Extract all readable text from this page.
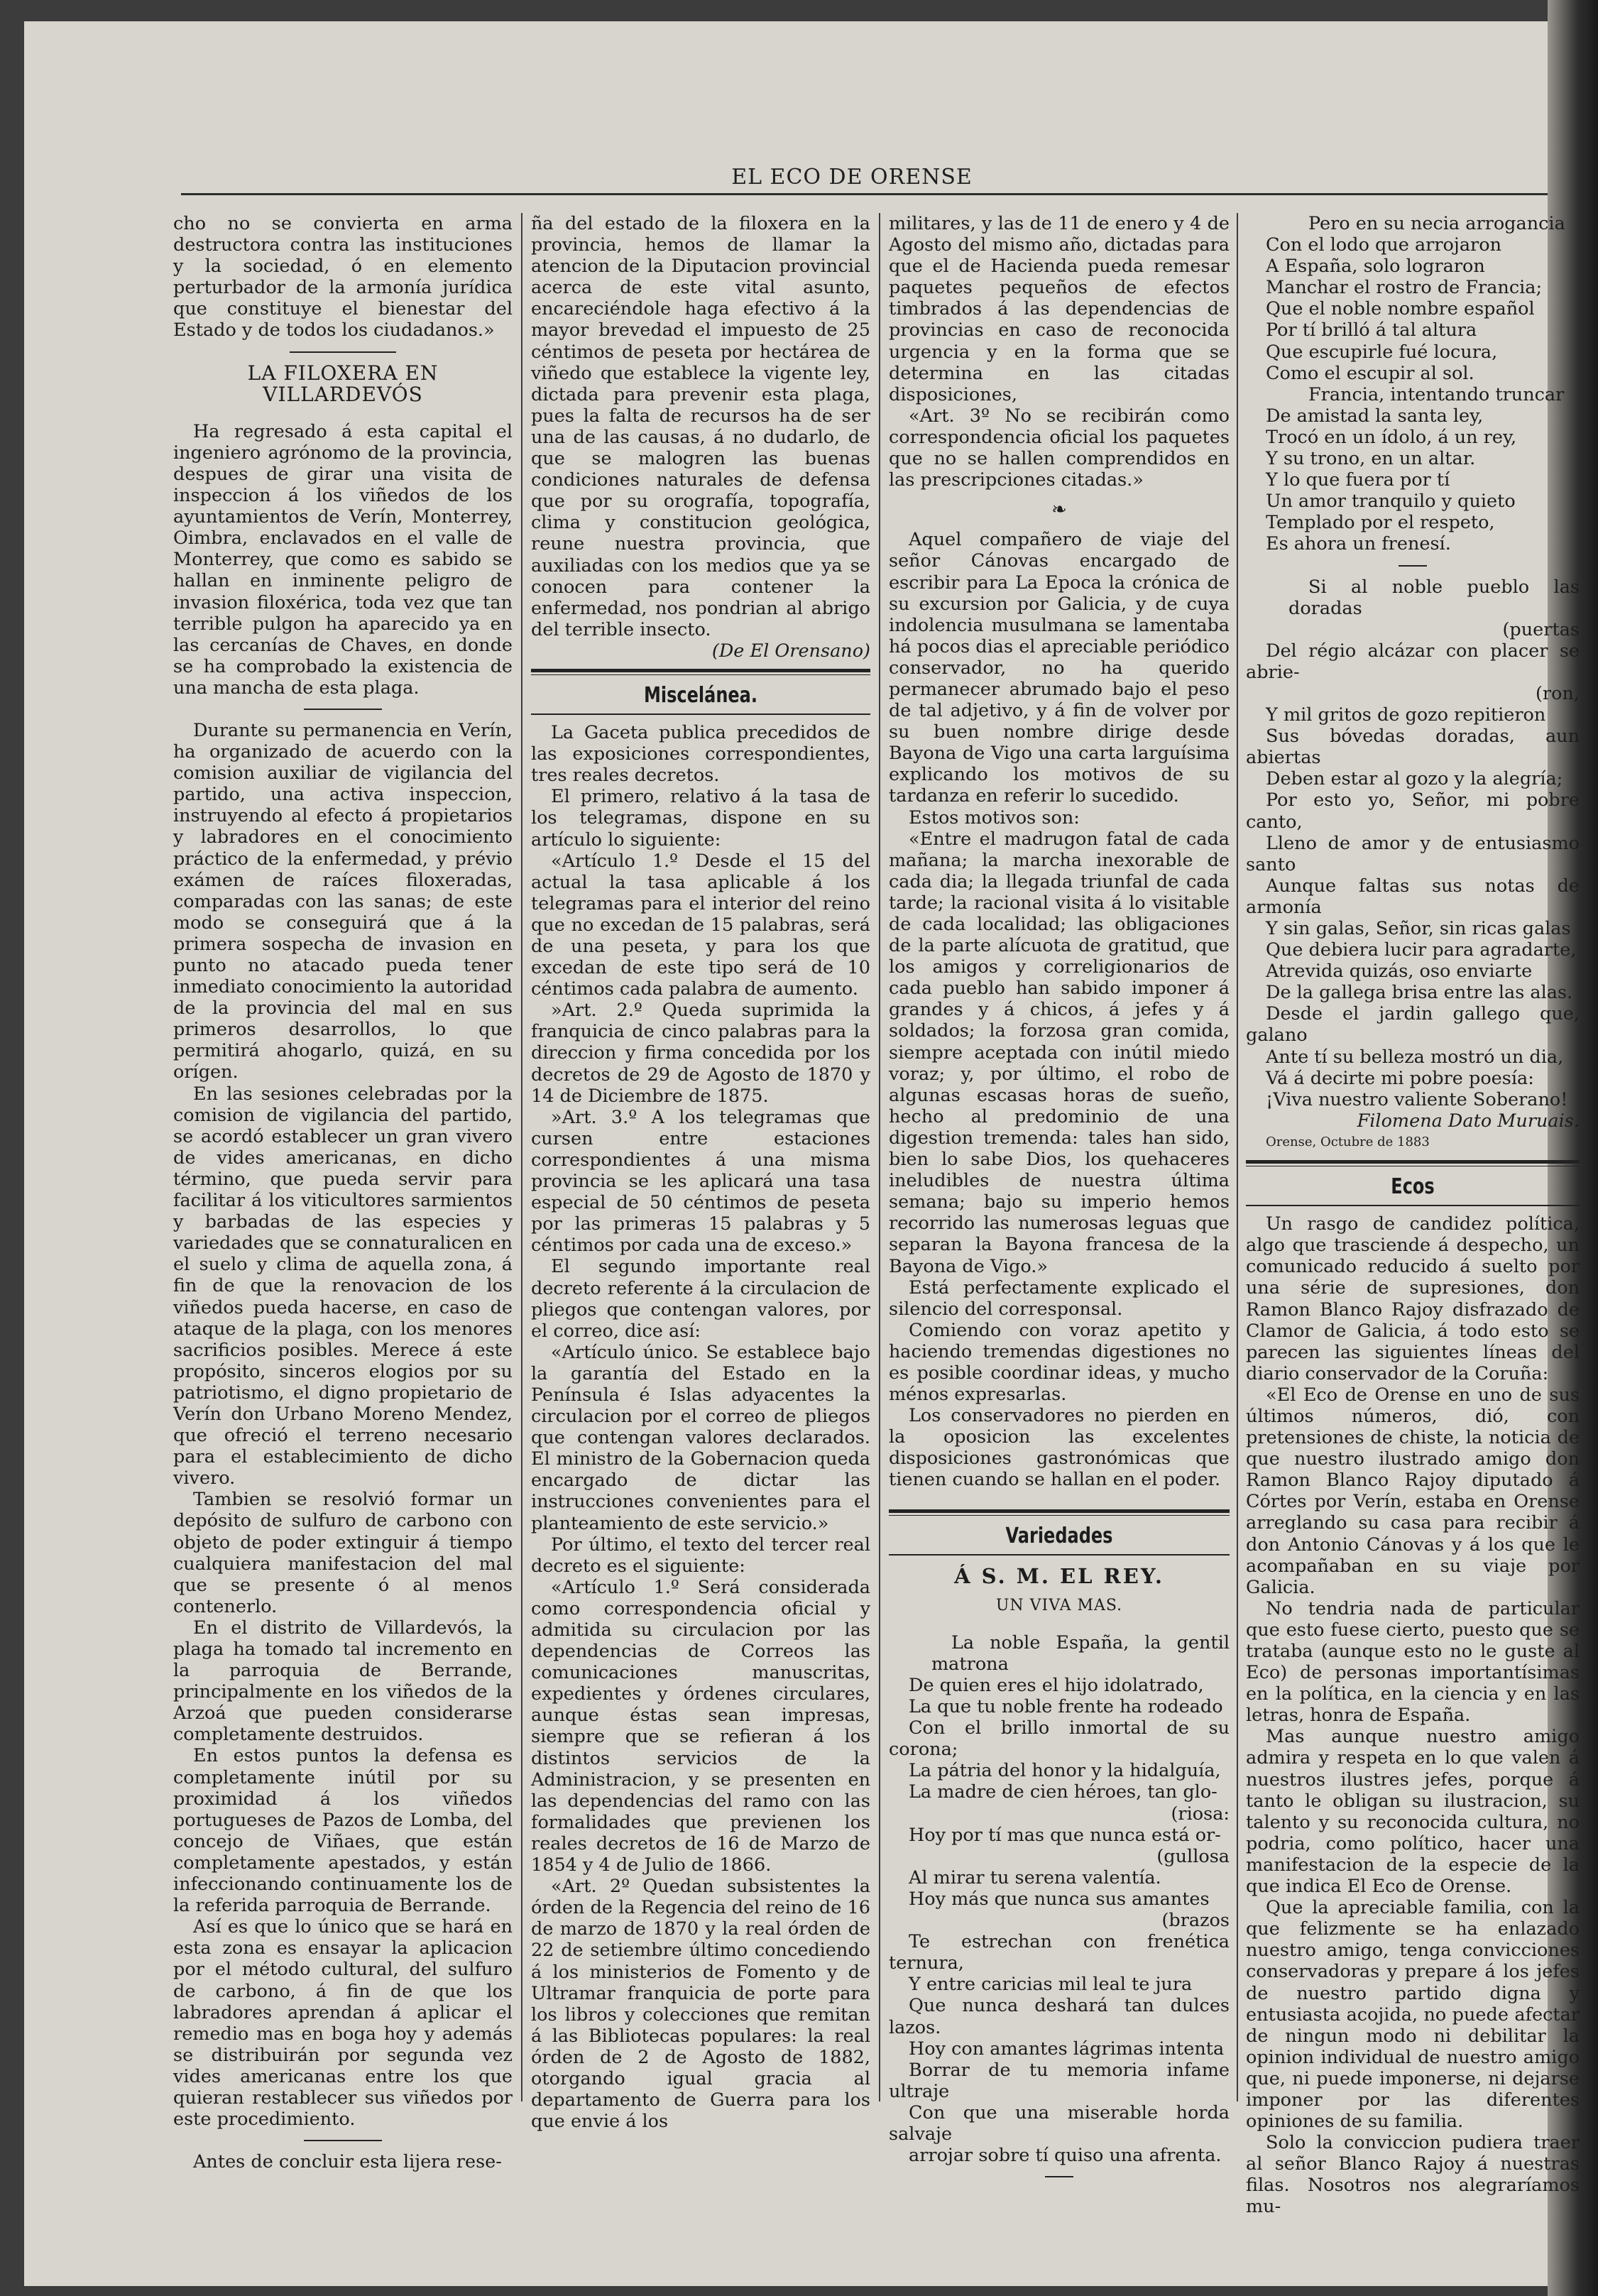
EL ECO DE ORENSE

cho no se convierta en arma destructora contra las instituciones y la sociedad, ó en elemento perturbador de la armonía jurídica que constituye el bienestar del Estado y de todos los ciudadanos.»

LA FILOXERA EN VILLARDEVÓS

Ha regresado á esta capital el ingeniero agrónomo de la provincia, despues de girar una visita de inspeccion á los viñedos de los ayuntamientos de Verín, Monterrey, Oimbra, enclavados en el valle de Monterrey, que como es sabido se hallan en inminente peligro de invasion filoxérica, toda vez que tan terrible pulgon ha aparecido ya en las cercanías de Chaves, en donde se ha comprobado la existencia de una mancha de esta plaga.

Durante su permanencia en Verín, ha organizado de acuerdo con la comision auxiliar de vigilancia del partido, una activa inspeccion, instruyendo al efecto á propietarios y labradores en el conocimiento práctico de la enfermedad, y prévio exámen de raíces filoxeradas, comparadas con las sanas; de este modo se conseguirá que á la primera sospecha de invasion en punto no atacado pueda tener inmediato conocimiento la autoridad de la provincia del mal en sus primeros desarrollos, lo que permitirá ahogarlo, quizá, en su orígen.

En las sesiones celebradas por la comision de vigilancia del partido, se acordó establecer un gran vivero de vides americanas, en dicho término, que pueda servir para facilitar á los viticultores sarmientos y barbadas de las especies y variedades que se connaturalicen en el suelo y clima de aquella zona, á fin de que la renovacion de los viñedos pueda hacerse, en caso de ataque de la plaga, con los menores sacrificios posibles. Merece á este propósito, sinceros elogios por su patriotismo, el digno propietario de Verín don Urbano Moreno Mendez, que ofreció el terreno necesario para el establecimiento de dicho vivero.

Tambien se resolvió formar un depósito de sulfuro de carbono con objeto de poder extinguir á tiempo cualquiera manifestacion del mal que se presente ó al menos contenerlo.

En el distrito de Villardevós, la plaga ha tomado tal incremento en la parroquia de Berrande, principalmente en los viñedos de la Arzoá que pueden considerarse completamente destruidos.

En estos puntos la defensa es completamente inútil por su proximidad á los viñedos portugueses de Pazos de Lomba, del concejo de Viñaes, que están completamente apestados, y están infeccionando continuamente los de la referida parroquia de Berrande.

Así es que lo único que se hará en esta zona es ensayar la aplicacion por el método cultural, del sulfuro de carbono, á fin de que los labradores aprendan á aplicar el remedio mas en boga hoy y además se distribuirán por segunda vez vides americanas entre los que quieran restablecer sus viñedos por este procedimiento.

Antes de concluir esta lijera rese-

ña del estado de la filoxera en la provincia, hemos de llamar la atencion de la Diputacion provincial acerca de este vital asunto, encareciéndole haga efectivo á la mayor brevedad el impuesto de 25 céntimos de peseta por hectárea de viñedo que establece la vigente ley, dictada para prevenir esta plaga, pues la falta de recursos ha de ser una de las causas, á no dudarlo, de que se malogren las buenas condiciones naturales de defensa que por su orografía, topografía, clima y constitucion geológica, reune nuestra provincia, que auxiliadas con los medios que ya se conocen para contener la enfermedad, nos pondrian al abrigo del terrible insecto.

(De El Orensano)

Miscelánea.

La Gaceta publica precedidos de las exposiciones correspondientes, tres reales decretos.

El primero, relativo á la tasa de los telegramas, dispone en su artículo lo siguiente:

«Artículo 1.º Desde el 15 del actual la tasa aplicable á los telegramas para el interior del reino que no excedan de 15 palabras, será de una peseta, y para los que excedan de este tipo será de 10 céntimos cada palabra de aumento.

»Art. 2.º Queda suprimida la franquicia de cinco palabras para la direccion y firma concedida por los decretos de 29 de Agosto de 1870 y 14 de Diciembre de 1875.

»Art. 3.º A los telegramas que cursen entre estaciones correspondientes á una misma provincia se les aplicará una tasa especial de 50 céntimos de peseta por las primeras 15 palabras y 5 céntimos por cada una de exceso.»

El segundo importante real decreto referente á la circulacion de pliegos que contengan valores, por el correo, dice así:

«Artículo único. Se establece bajo la garantía del Estado en la Península é Islas adyacentes la circulacion por el correo de pliegos que contengan valores declarados. El ministro de la Gobernacion queda encargado de dictar las instrucciones convenientes para el planteamiento de este servicio.»

Por último, el texto del tercer real decreto es el siguiente:

«Artículo 1.º Será considerada como correspondencia oficial y admitida su circulacion por las dependencias de Correos las comunicaciones manuscritas, expedientes y órdenes circulares, aunque éstas sean impresas, siempre que se refieran á los distintos servicios de la Administracion, y se presenten en las dependencias del ramo con las formalidades que previenen los reales decretos de 16 de Marzo de 1854 y 4 de Julio de 1866.

«Art. 2º Quedan subsistentes la órden de la Regencia del reino de 16 de marzo de 1870 y la real órden de 22 de setiembre último concediendo á los ministerios de Fomento y de Ultramar franquicia de porte para los libros y colecciones que remitan á las Bibliotecas populares: la real órden de 2 de Agosto de 1882, otorgando igual gracia al departamento de Guerra para los que envie á los

militares, y las de 11 de enero y 4 de Agosto del mismo año, dictadas para que el de Hacienda pueda remesar paquetes pequeños de efectos timbrados á las dependencias de provincias en caso de reconocida urgencia y en la forma que se determina en las citadas disposiciones,

«Art. 3º No se recibirán como correspondencia oficial los paquetes que no se hallen comprendidos en las prescripciones citadas.»

❧

Aquel compañero de viaje del señor Cánovas encargado de escribir para La Epoca la crónica de su excursion por Galicia, y de cuya indolencia musulmana se lamentaba há pocos dias el apreciable periódico conservador, no ha querido permanecer abrumado bajo el peso de tal adjetivo, y á fin de volver por su buen nombre dirige desde Bayona de Vigo una carta larguísima explicando los motivos de su tardanza en referir lo sucedido.

Estos motivos son:

«Entre el madrugon fatal de cada mañana; la marcha inexorable de cada dia; la llegada triunfal de cada tarde; la racional visita á lo visitable de cada localidad; las obligaciones de la parte alícuota de gratitud, que los amigos y correligionarios de cada pueblo han sabido imponer á grandes y á chicos, á jefes y á soldados; la forzosa gran comida, siempre aceptada con inútil miedo voraz; y, por último, el robo de algunas escasas horas de sueño, hecho al predominio de una digestion tremenda: tales han sido, bien lo sabe Dios, los quehaceres ineludibles de nuestra última semana; bajo su imperio hemos recorrido las numerosas leguas que separan la Bayona francesa de la Bayona de Vigo.»

Está perfectamente explicado el silencio del corresponsal.

Comiendo con voraz apetito y haciendo tremendas digestiones no es posible coordinar ideas, y mucho ménos expresarlas.

Los conservadores no pierden en la oposicion las excelentes disposiciones gastronómicas que tienen cuando se hallan en el poder.

Variedades
Á S. M. EL REY.
UN VIVA MAS.

La noble España, la gentil matrona

De quien eres el hijo idolatrado,

La que tu noble frente ha rodeado

Con el brillo inmortal de su corona;

La pátria del honor y la hidalguía,

La madre de cien héroes, tan glo-

(riosa:

Hoy por tí mas que nunca está or-

(gullosa

Al mirar tu serena valentía.

Hoy más que nunca sus amantes

(brazos

Te estrechan con frenética ternura,

Y entre caricias mil leal te jura

Que nunca deshará tan dulces lazos.

Hoy con amantes lágrimas intenta

Borrar de tu memoria infame ultraje

Con que una miserable horda salvaje

arrojar sobre tí quiso una afrenta.

Pero en su necia arrogancia

Con el lodo que arrojaron

A España, solo lograron

Manchar el rostro de Francia;

Que el noble nombre español

Por tí brilló á tal altura

Que escupirle fué locura,

Como el escupir al sol.

Francia, intentando truncar

De amistad la santa ley,

Trocó en un ídolo, á un rey,

Y su trono, en un altar.

Y lo que fuera por tí

Un amor tranquilo y quieto

Templado por el respeto,

Es ahora un frenesí.

Si al noble pueblo las doradas

(puertas

Del régio alcázar con placer se abrie-

(ron,

Y mil gritos de gozo repitieron

Sus bóvedas doradas, aun abiertas

Deben estar al gozo y la alegría;

Por esto yo, Señor, mi pobre canto,

Lleno de amor y de entusiasmo santo

Aunque faltas sus notas de armonía

Y sin galas, Señor, sin ricas galas

Que debiera lucir para agradarte,

Atrevida quizás, oso enviarte

De la gallega brisa entre las alas.

Desde el jardin gallego que, galano

Ante tí su belleza mostró un dia,

Vá á decirte mi pobre poesía:

¡Viva nuestro valiente Soberano!

Filomena Dato Muruais.

Orense, Octubre de 1883

Ecos

Un rasgo de candidez política, algo que trasciende á despecho, un comunicado reducido á suelto por una série de supresiones, don Ramon Blanco Rajoy disfrazado de Clamor de Galicia, á todo esto se parecen las siguientes líneas del diario conservador de la Coruña:

«El Eco de Orense en uno de sus últimos números, dió, con pretensiones de chiste, la noticia de que nuestro ilustrado amigo don Ramon Blanco Rajoy diputado á Córtes por Verín, estaba en Orense arreglando su casa para recibir á don Antonio Cánovas y á los que le acompañaban en su viaje por Galicia.

No tendria nada de particular que esto fuese cierto, puesto que se trataba (aunque esto no le guste al Eco) de personas importantísimas en la política, en la ciencia y en las letras, honra de España.

Mas aunque nuestro amigo admira y respeta en lo que valen á nuestros ilustres jefes, porque á tanto le obligan su ilustracion, su talento y su reconocida cultura, no podria, como político, hacer una manifestacion de la especie de la que indica El Eco de Orense.

Que la apreciable familia, con la que felizmente se ha enlazado nuestro amigo, tenga convicciones conservadoras y prepare á los jefes de nuestro partido digna y entusiasta acojida, no puede afectar de ningun modo ni debilitar la opinion individual de nuestro amigo que, ni puede imponerse, ni dejarse imponer por las diferentes opiniones de su familia.

Solo la conviccion pudiera traer al señor Blanco Rajoy á nuestras filas. Nosotros nos alegraríamos mu-
